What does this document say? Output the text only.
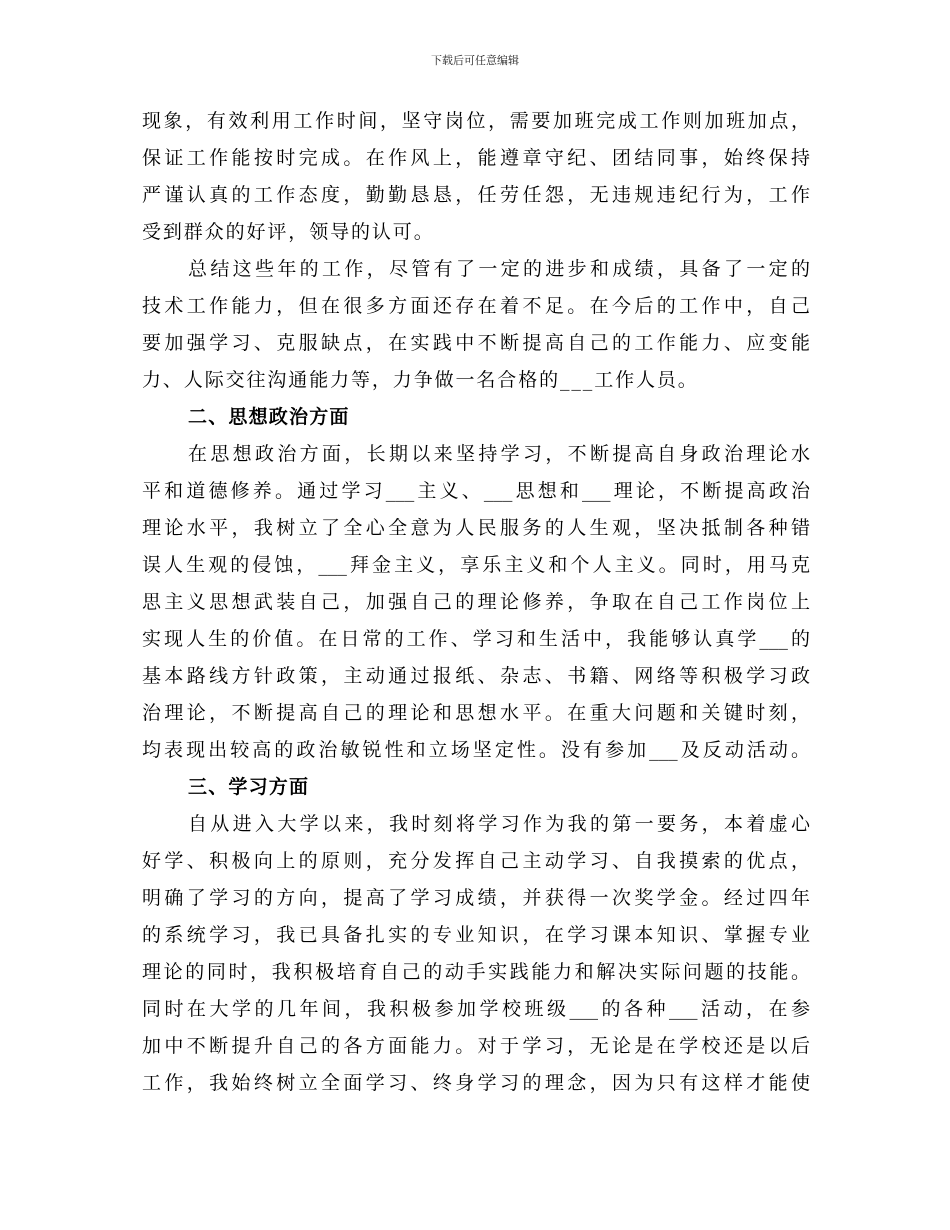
下载后可任意编辑
现象，有效利用工作时间，坚守岗位，需要加班完成工作则加班加点，
保证工作能按时完成。在作风上，能遵章守纪、团结同事，始终保持
严谨认真的工作态度，勤勤恳恳，任劳任怨，无违规违纪行为，工作
受到群众的好评，领导的认可。
总结这些年的工作，尽管有了一定的进步和成绩，具备了一定的
技术工作能力，但在很多方面还存在着不足。在今后的工作中，自己
要加强学习、克服缺点，在实践中不断提高自己的工作能力、应变能
力、人际交往沟通能力等，力争做一名合格的___工作人员。
二、思想政治方面
在思想政治方面，长期以来坚持学习，不断提高自身政治理论水
平和道德修养。通过学习___主义、___思想和___理论，不断提高政治
理论水平，我树立了全心全意为人民服务的人生观，坚决抵制各种错
误人生观的侵蚀，___拜金主义，享乐主义和个人主义。同时，用马克
思主义思想武装自己，加强自己的理论修养，争取在自己工作岗位上
实现人生的价值。在日常的工作、学习和生活中，我能够认真学___的
基本路线方针政策，主动通过报纸、杂志、书籍、网络等积极学习政
治理论，不断提高自己的理论和思想水平。在重大问题和关键时刻，
均表现出较高的政治敏锐性和立场坚定性。没有参加___及反动活动。
三、学习方面
自从进入大学以来，我时刻将学习作为我的第一要务，本着虚心
好学、积极向上的原则，充分发挥自己主动学习、自我摸索的优点，
明确了学习的方向，提高了学习成绩，并获得一次奖学金。经过四年
的系统学习，我已具备扎实的专业知识，在学习课本知识、掌握专业
理论的同时，我积极培育自己的动手实践能力和解决实际问题的技能。
同时在大学的几年间，我积极参加学校班级___的各种___活动，在参
加中不断提升自己的各方面能力。对于学习，无论是在学校还是以后
工作，我始终树立全面学习、终身学习的理念，因为只有这样才能使
